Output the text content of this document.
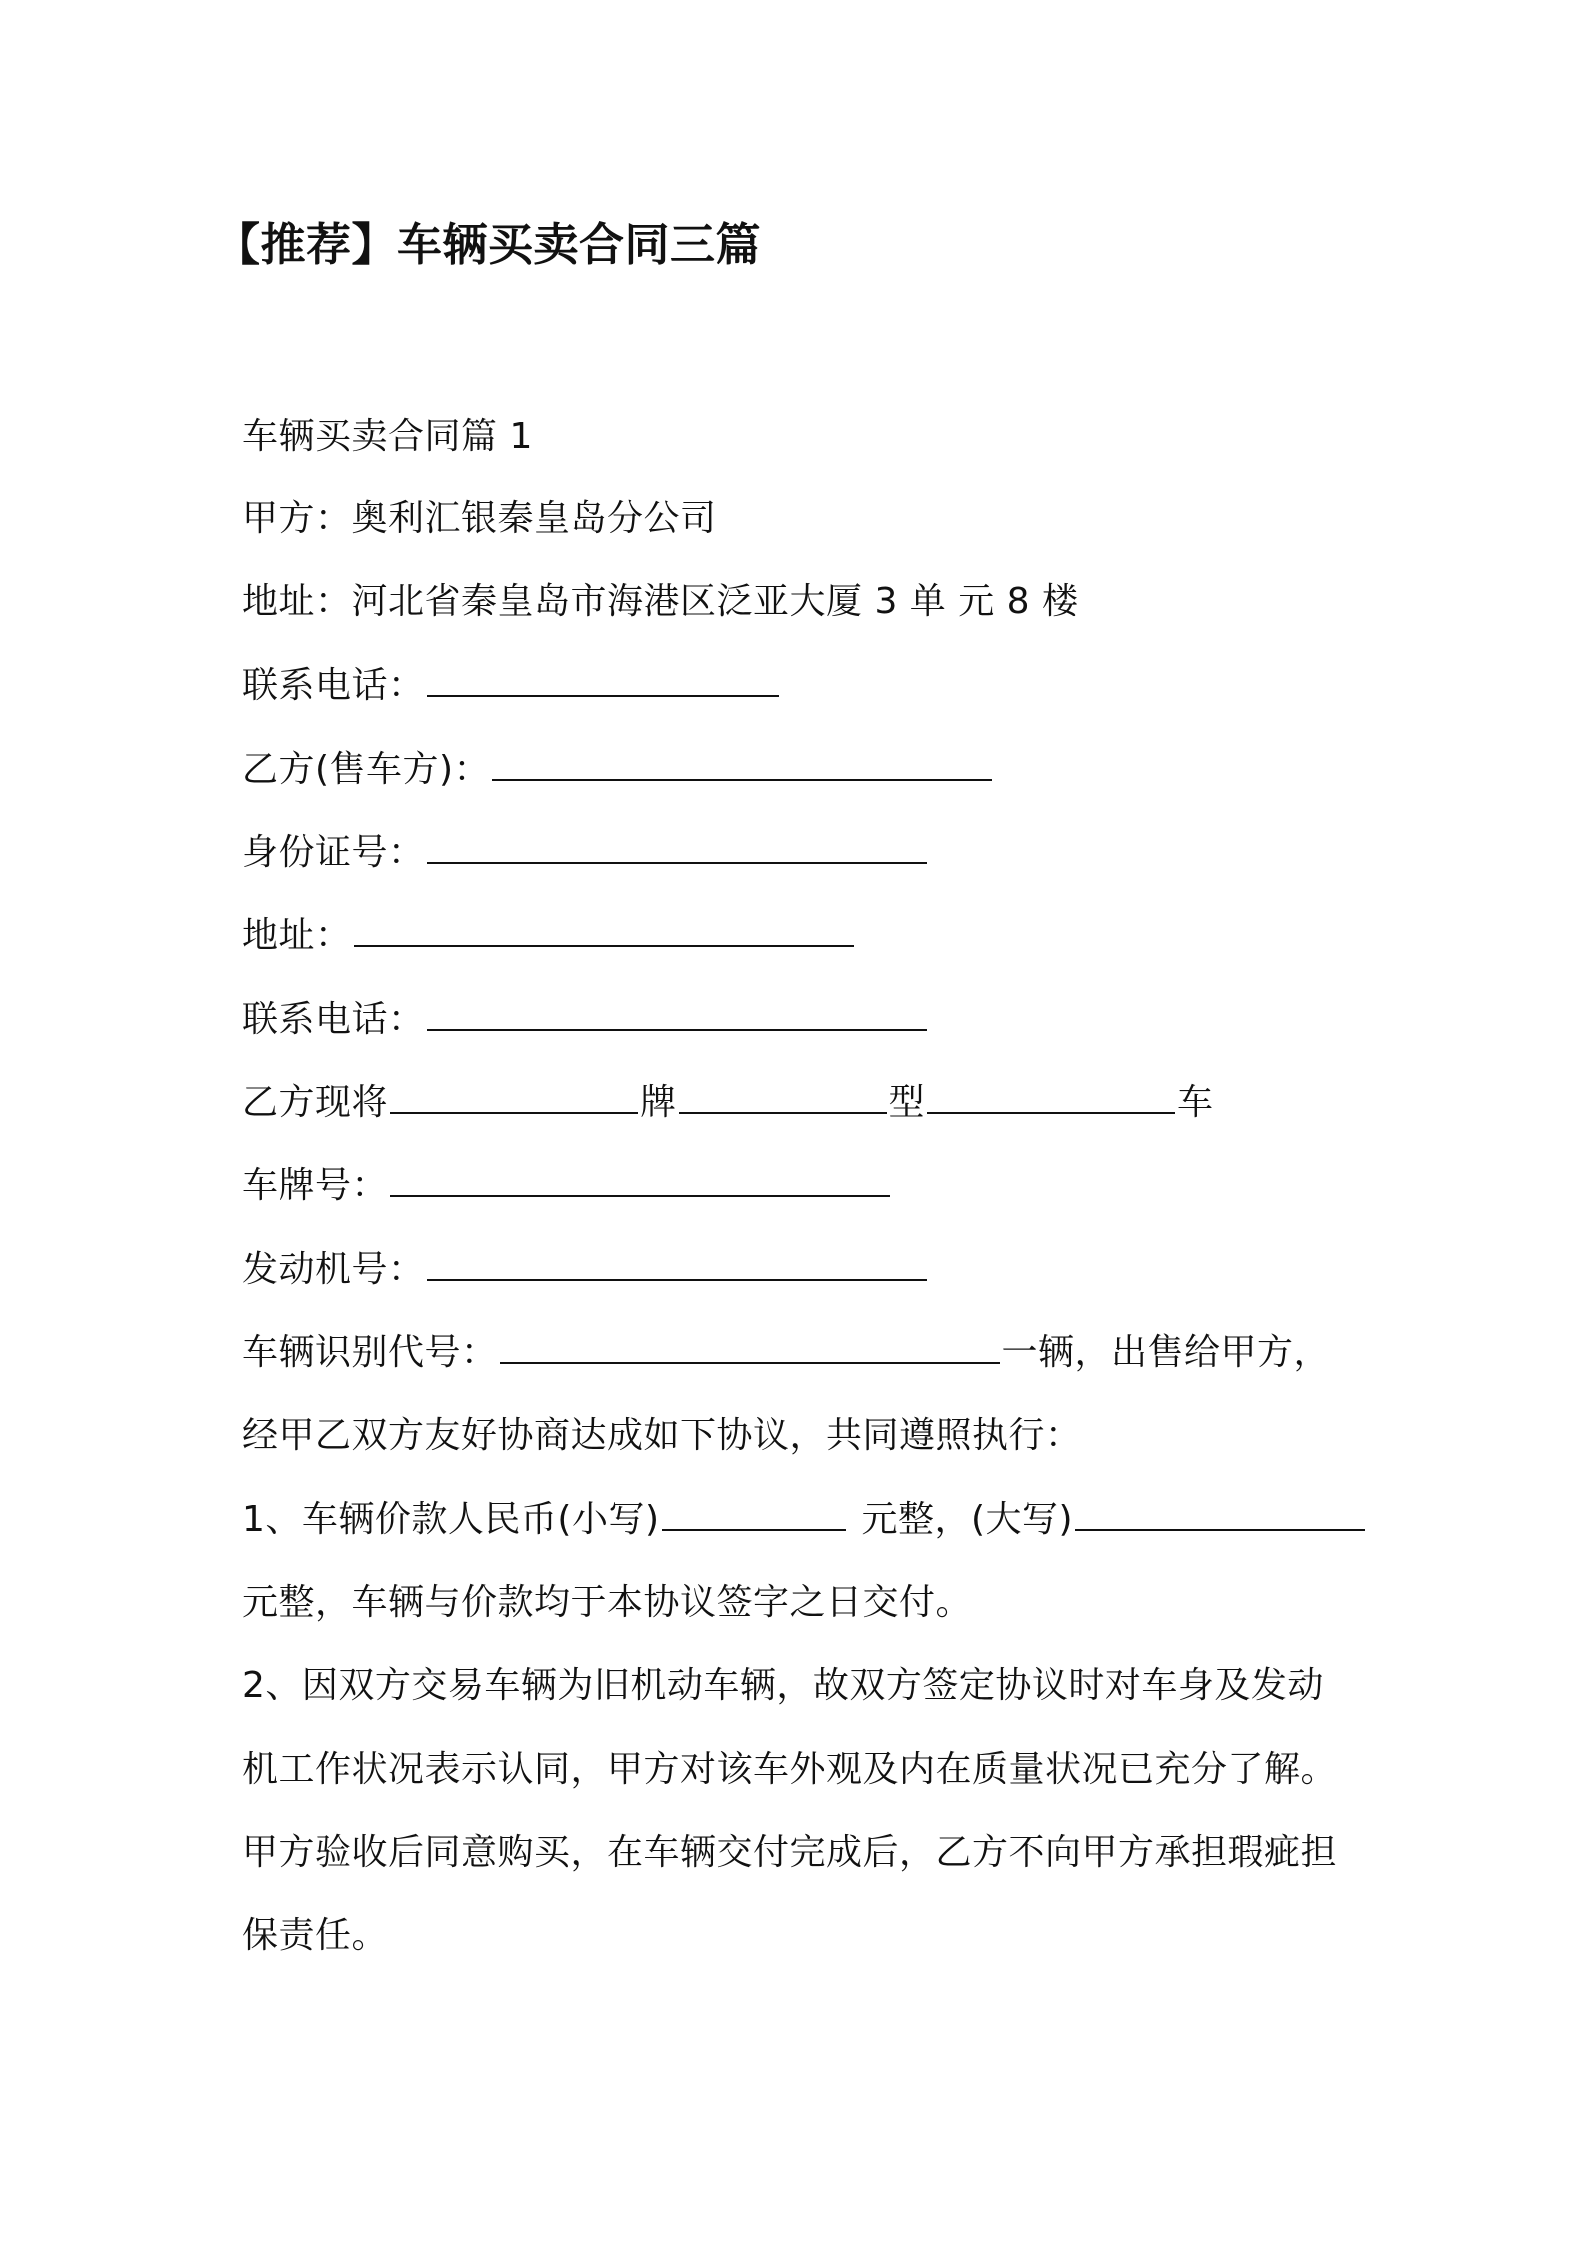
【推荐】车辆买卖合同三篇
车辆买卖合同篇 1
甲方：奥利汇银秦皇岛分公司
地址：河北省秦皇岛市海港区泛亚大厦 3 单 元 8 楼
联系电话：
乙方(售车方)：
身份证号：
地址：
联系电话：
乙方现将	牌	型	车
车牌号：
发动机号：
车辆识别代号：	一辆，出售给甲方，
经甲乙双方友好协商达成如下协议，共同遵照执行：
1、车辆价款人民币(小写)	元整，(大写)
元整，车辆与价款均于本协议签字之日交付。
2、因双方交易车辆为旧机动车辆，故双方签定协议时对车身及发动
机工作状况表示认同，甲方对该车外观及内在质量状况已充分了解。
甲方验收后同意购买，在车辆交付完成后，乙方不向甲方承担瑕疵担
保责任。
